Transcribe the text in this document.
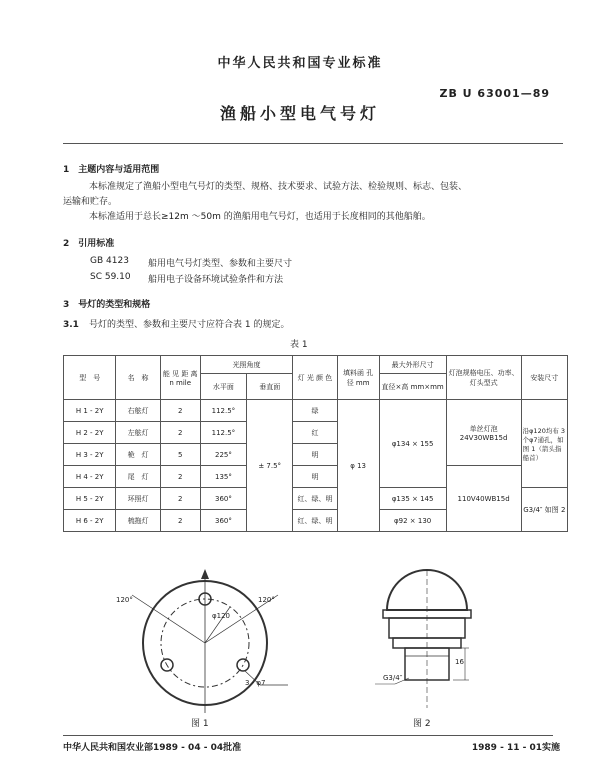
中华人民共和国专业标准
ZB U 63001—89
渔船小型电气号灯
1　主题内容与适用范围
本标准规定了渔船小型电气号灯的类型、规格、技术要求、试验方法、检验规则、标志、包装、
运输和贮存。
本标准适用于总长≥12m ～50m 的渔船用电气号灯，也适用于长度相同的其他船舶。
2　引用标准
GB 4123 船用电气号灯类型、参数和主要尺寸
SC 59.10 船用电子设备环境试验条件和方法
3　号灯的类型和规格
3.1 号灯的类型、参数和主要尺寸应符合表 1 的规定。
表 1
型　号	名　称	能 见 距 离 n mile	光照角度		灯 光 颜 色	填料函 孔 径 mm	最大外形尺寸	灯泡规格电压、功率、灯头型式	安装尺寸
			水平面	垂直面			直径×高 mm×mm		
H 1 - 2Y	右舷灯	2	112.5°	± 7.5°	绿	φ 13	φ134 × 155	单丝灯泡 24V30WB15d	沿φ120均布 3个φ7通孔，如图 1（箭头指船首）
H 2 - 2Y	左舷灯	2	112.5°		红				
H 3 - 2Y	桅　灯	5	225°		明				
H 4 - 2Y	尾　灯	2	135°		明			110V40WB15d	
H 5 - 2Y	环照灯	2	360°		红、绿、明		φ135 × 145		G3/4″ 如图 2
H 6 - 2Y	梳拖灯	2	360°		红、绿、明		φ92 × 130		
120°	120°
φ120
3 - φ7
图 1
16
G3/4″
图 2
中华人民共和国农业部1989 - 04 - 04批准	1989 - 11 - 01实施
